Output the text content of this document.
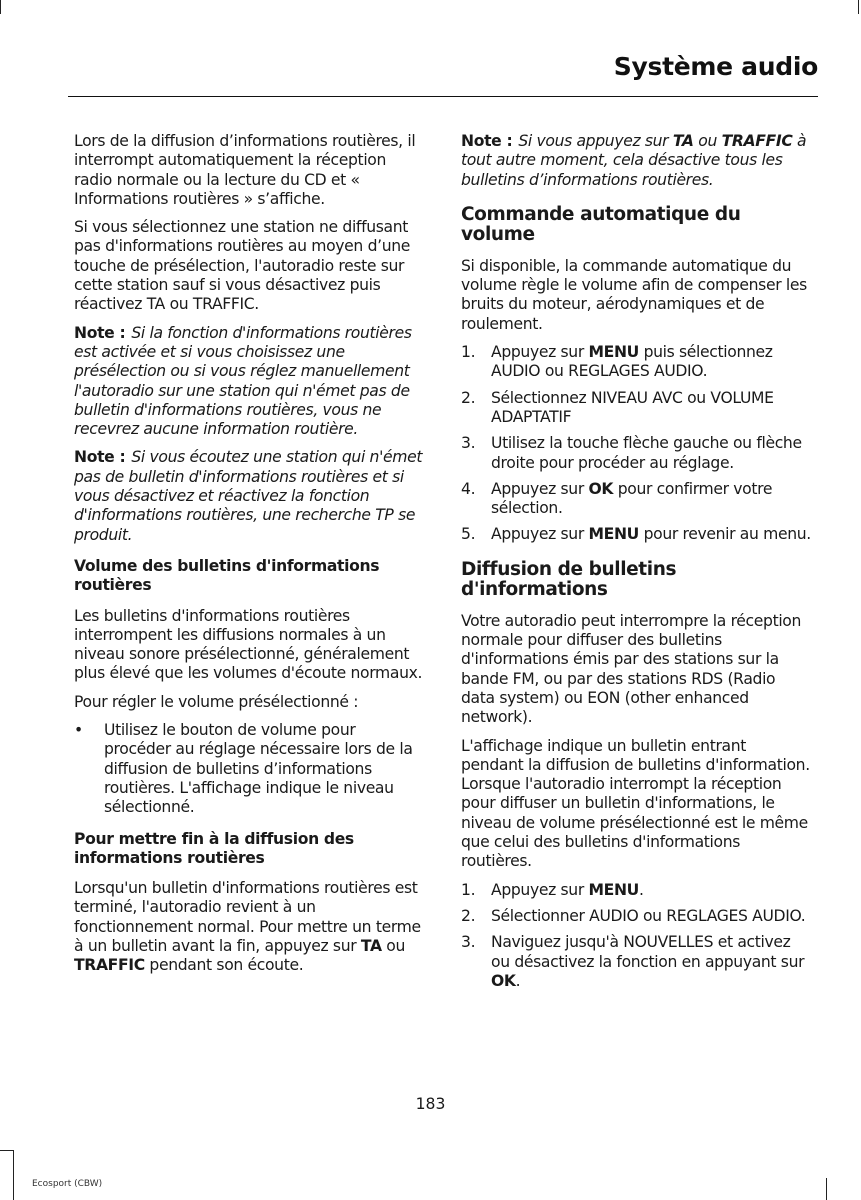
Système audio

Lors de la diffusion d’informations routières, il interrompt automatiquement la réception radio normale ou la lecture du CD et « Informations routières » s’affiche.

Si vous sélectionnez une station ne diffusant pas d'informations routières au moyen d’une touche de présélection, l'autoradio reste sur cette station sauf si vous désactivez puis réactivez TA ou TRAFFIC.

Note : Si la fonction d'informations routières est activée et si vous choisissez une présélection ou si vous réglez manuellement l'autoradio sur une station qui n'émet pas de bulletin d'informations routières, vous ne recevrez aucune information routière.

Note : Si vous écoutez une station qui n'émet pas de bulletin d'informations routières et si vous désactivez et réactivez la fonction d'informations routières, une recherche TP se produit.

Volume des bulletins d'informations routières

Les bulletins d'informations routières interrompent les diffusions normales à un niveau sonore présélectionné, généralement plus élevé que les volumes d'écoute normaux.

Pour régler le volume présélectionné :

• Utilisez le bouton de volume pour procéder au réglage nécessaire lors de la diffusion de bulletins d’informations routières. L'affichage indique le niveau sélectionné.

Pour mettre fin à la diffusion des informations routières

Lorsqu'un bulletin d'informations routières est terminé, l'autoradio revient à un fonctionnement normal. Pour mettre un terme à un bulletin avant la fin, appuyez sur TA ou TRAFFIC pendant son écoute.

Note : Si vous appuyez sur TA ou TRAFFIC à tout autre moment, cela désactive tous les bulletins d’informations routières.

Commande automatique du volume

Si disponible, la commande automatique du volume règle le volume afin de compenser les bruits du moteur, aérodynamiques et de roulement.

1. Appuyez sur MENU puis sélectionnez AUDIO ou REGLAGES AUDIO.

2. Sélectionnez NIVEAU AVC ou VOLUME ADAPTATIF

3. Utilisez la touche flèche gauche ou flèche droite pour procéder au réglage.

4. Appuyez sur OK pour confirmer votre sélection.

5. Appuyez sur MENU pour revenir au menu.

Diffusion de bulletins d'informations

Votre autoradio peut interrompre la réception normale pour diffuser des bulletins d'informations émis par des stations sur la bande FM, ou par des stations RDS (Radio data system) ou EON (other enhanced network).

L'affichage indique un bulletin entrant pendant la diffusion de bulletins d'information. Lorsque l'autoradio interrompt la réception pour diffuser un bulletin d'informations, le niveau de volume présélectionné est le même que celui des bulletins d'informations routières.

1. Appuyez sur MENU.

2. Sélectionner AUDIO ou REGLAGES AUDIO.

3. Naviguez jusqu'à NOUVELLES et activez ou désactivez la fonction en appuyant sur OK.

183
Ecosport (CBW)
